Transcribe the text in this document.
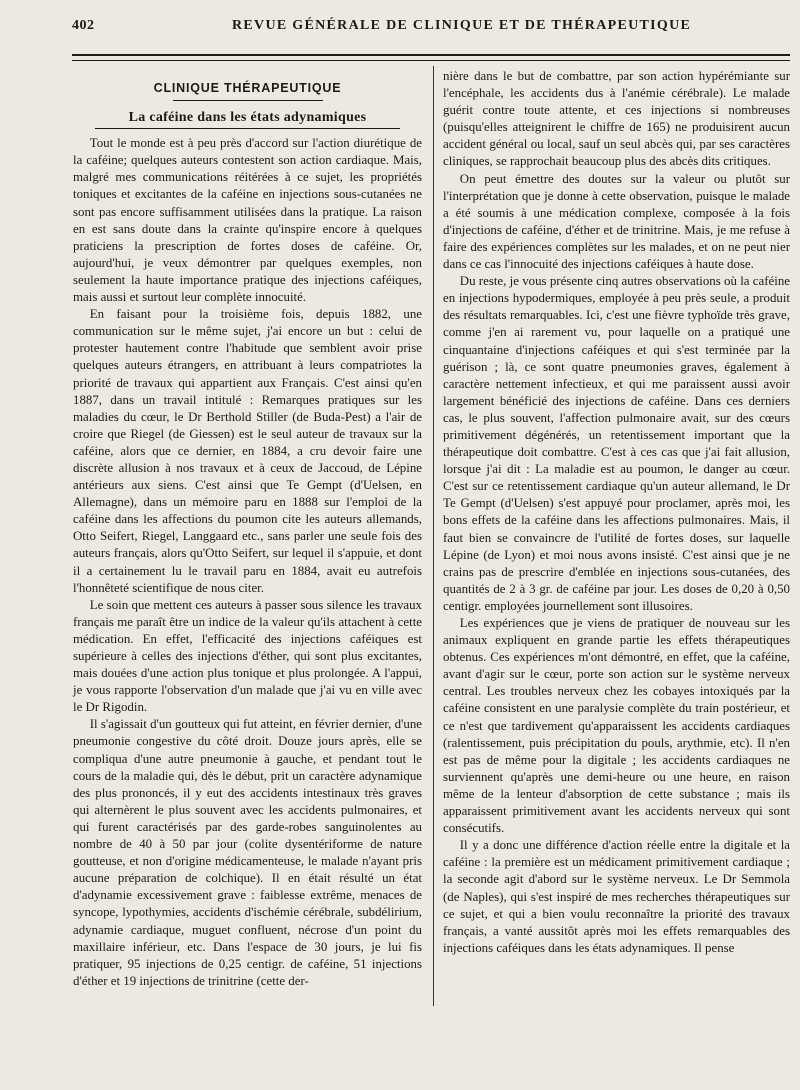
402	REVUE GÉNÉRALE DE CLINIQUE ET DE THÉRAPEUTIQUE
CLINIQUE THÉRAPEUTIQUE
La caféine dans les états adynamiques

Tout le monde est à peu près d'accord sur l'action diurétique de la caféine; quelques auteurs contestent son action cardiaque. Mais, malgré mes communications réitérées à ce sujet, les propriétés toniques et excitantes de la caféine en injections sous-cutanées ne sont pas encore suffisamment utilisées dans la pratique. La raison en est sans doute dans la crainte qu'inspire encore à quelques praticiens la prescription de fortes doses de caféine. Or, aujourd'hui, je veux démontrer par quelques exemples, non seulement la haute importance pratique des injections caféiques, mais aussi et surtout leur complète innocuité.

En faisant pour la troisième fois, depuis 1882, une communication sur le même sujet, j'ai encore un but : celui de protester hautement contre l'habitude que semblent avoir prise quelques auteurs étrangers, en attribuant à leurs compatriotes la priorité de travaux qui appartient aux Français. C'est ainsi qu'en 1887, dans un travail intitulé : Remarques pratiques sur les maladies du cœur, le Dr Berthold Stiller (de Buda-Pest) a l'air de croire que Riegel (de Giessen) est le seul auteur de travaux sur la caféine, alors que ce dernier, en 1884, a cru devoir faire une discrète allusion à nos travaux et à ceux de Jaccoud, de Lépine antérieurs aux siens. C'est ainsi que Te Gempt (d'Uelsen, en Allemagne), dans un mémoire paru en 1888 sur l'emploi de la caféine dans les affections du poumon cite les auteurs allemands, Otto Seifert, Riegel, Langgaard etc., sans parler une seule fois des auteurs français, alors qu'Otto Seifert, sur lequel il s'appuie, et dont il a certainement lu le travail paru en 1884, avait eu autrefois l'honnêteté scientifique de nous citer.

Le soin que mettent ces auteurs à passer sous silence les travaux français me paraît être un indice de la valeur qu'ils attachent à cette médication. En effet, l'efficacité des injections caféiques est supérieure à celles des injections d'éther, qui sont plus excitantes, mais douées d'une action plus tonique et plus prolongée. A l'appui, je vous rapporte l'observation d'un malade que j'ai vu en ville avec le Dr Rigodin.

Il s'agissait d'un goutteux qui fut atteint, en février dernier, d'une pneumonie congestive du côté droit. Douze jours après, elle se compliqua d'une autre pneumonie à gauche, et pendant tout le cours de la maladie qui, dès le début, prit un caractère adynamique des plus prononcés, il y eut des accidents intestinaux très graves qui alternèrent le plus souvent avec les accidents pulmonaires, et qui furent caractérisés par des garde-robes sanguinolentes au nombre de 40 à 50 par jour (colite dysentériforme de nature goutteuse, et non d'origine médicamenteuse, le malade n'ayant pris aucune préparation de colchique). Il en était résulté un état d'adynamie excessivement grave : faiblesse extrême, menaces de syncope, lypothymies, accidents d'ischémie cérébrale, subdélirium, adynamie cardiaque, muguet confluent, nécrose d'un point du maxillaire inférieur, etc. Dans l'espace de 30 jours, je lui fis pratiquer, 95 injections de 0,25 centigr. de caféine, 51 injections d'éther et 19 injections de trinitrine (cette der-

nière dans le but de combattre, par son action hypérémiante sur l'encéphale, les accidents dus à l'anémie cérébrale). Le malade guérit contre toute attente, et ces injections si nombreuses (puisqu'elles atteignirent le chiffre de 165) ne produisirent aucun accident général ou local, sauf un seul abcès qui, par ses caractères cliniques, se rapprochait beaucoup plus des abcès dits critiques.

On peut émettre des doutes sur la valeur ou plutôt sur l'interprétation que je donne à cette observation, puisque le malade a été soumis à une médication complexe, composée à la fois d'injections de caféine, d'éther et de trinitrine. Mais, je me refuse à faire des expériences complètes sur les malades, et on ne peut nier dans ce cas l'innocuité des injections caféiques à haute dose.

Du reste, je vous présente cinq autres observations où la caféine en injections hypodermiques, employée à peu près seule, a produit des résultats remarquables. Ici, c'est une fièvre typhoïde très grave, comme j'en ai rarement vu, pour laquelle on a pratiqué une cinquantaine d'injections caféiques et qui s'est terminée par la guérison ; là, ce sont quatre pneumonies graves, également à caractère nettement infectieux, et qui me paraissent aussi avoir largement bénéficié des injections de caféine. Dans ces derniers cas, le plus souvent, l'affection pulmonaire avait, sur des cœurs primitivement dégénérés, un retentissement important que la thérapeutique doit combattre. C'est à ces cas que j'ai fait allusion, lorsque j'ai dit : La maladie est au poumon, le danger au cœur. C'est sur ce retentissement cardiaque qu'un auteur allemand, le Dr Te Gempt (d'Uelsen) s'est appuyé pour proclamer, après moi, les bons effets de la caféine dans les affections pulmonaires. Mais, il faut bien se convaincre de l'utilité de fortes doses, sur laquelle Lépine (de Lyon) et moi nous avons insisté. C'est ainsi que je ne crains pas de prescrire d'emblée en injections sous-cutanées, des quantités de 2 à 3 gr. de caféine par jour. Les doses de 0,20 à 0,50 centigr. employées journellement sont illusoires.

Les expériences que je viens de pratiquer de nouveau sur les animaux expliquent en grande partie les effets thérapeutiques obtenus. Ces expériences m'ont démontré, en effet, que la caféine, avant d'agir sur le cœur, porte son action sur le système nerveux central. Les troubles nerveux chez les cobayes intoxiqués par la caféine consistent en une paralysie complète du train postérieur, et ce n'est que tardivement qu'apparaissent les accidents cardiaques (ralentissement, puis précipitation du pouls, arythmie, etc). Il n'en est pas de même pour la digitale ; les accidents cardiaques ne surviennent qu'après une demi-heure ou une heure, en raison même de la lenteur d'absorption de cette substance ; mais ils apparaissent primitivement avant les accidents nerveux qui sont consécutifs.

Il y a donc une différence d'action réelle entre la digitale et la caféine : la première est un médicament primitivement cardiaque ; la seconde agit d'abord sur le système nerveux. Le Dr Semmola (de Naples), qui s'est inspiré de mes recherches thérapeutiques sur ce sujet, et qui a bien voulu reconnaître la priorité des travaux français, a vanté aussitôt après moi les effets remarquables des injections caféiques dans les états adynamiques. Il pense
